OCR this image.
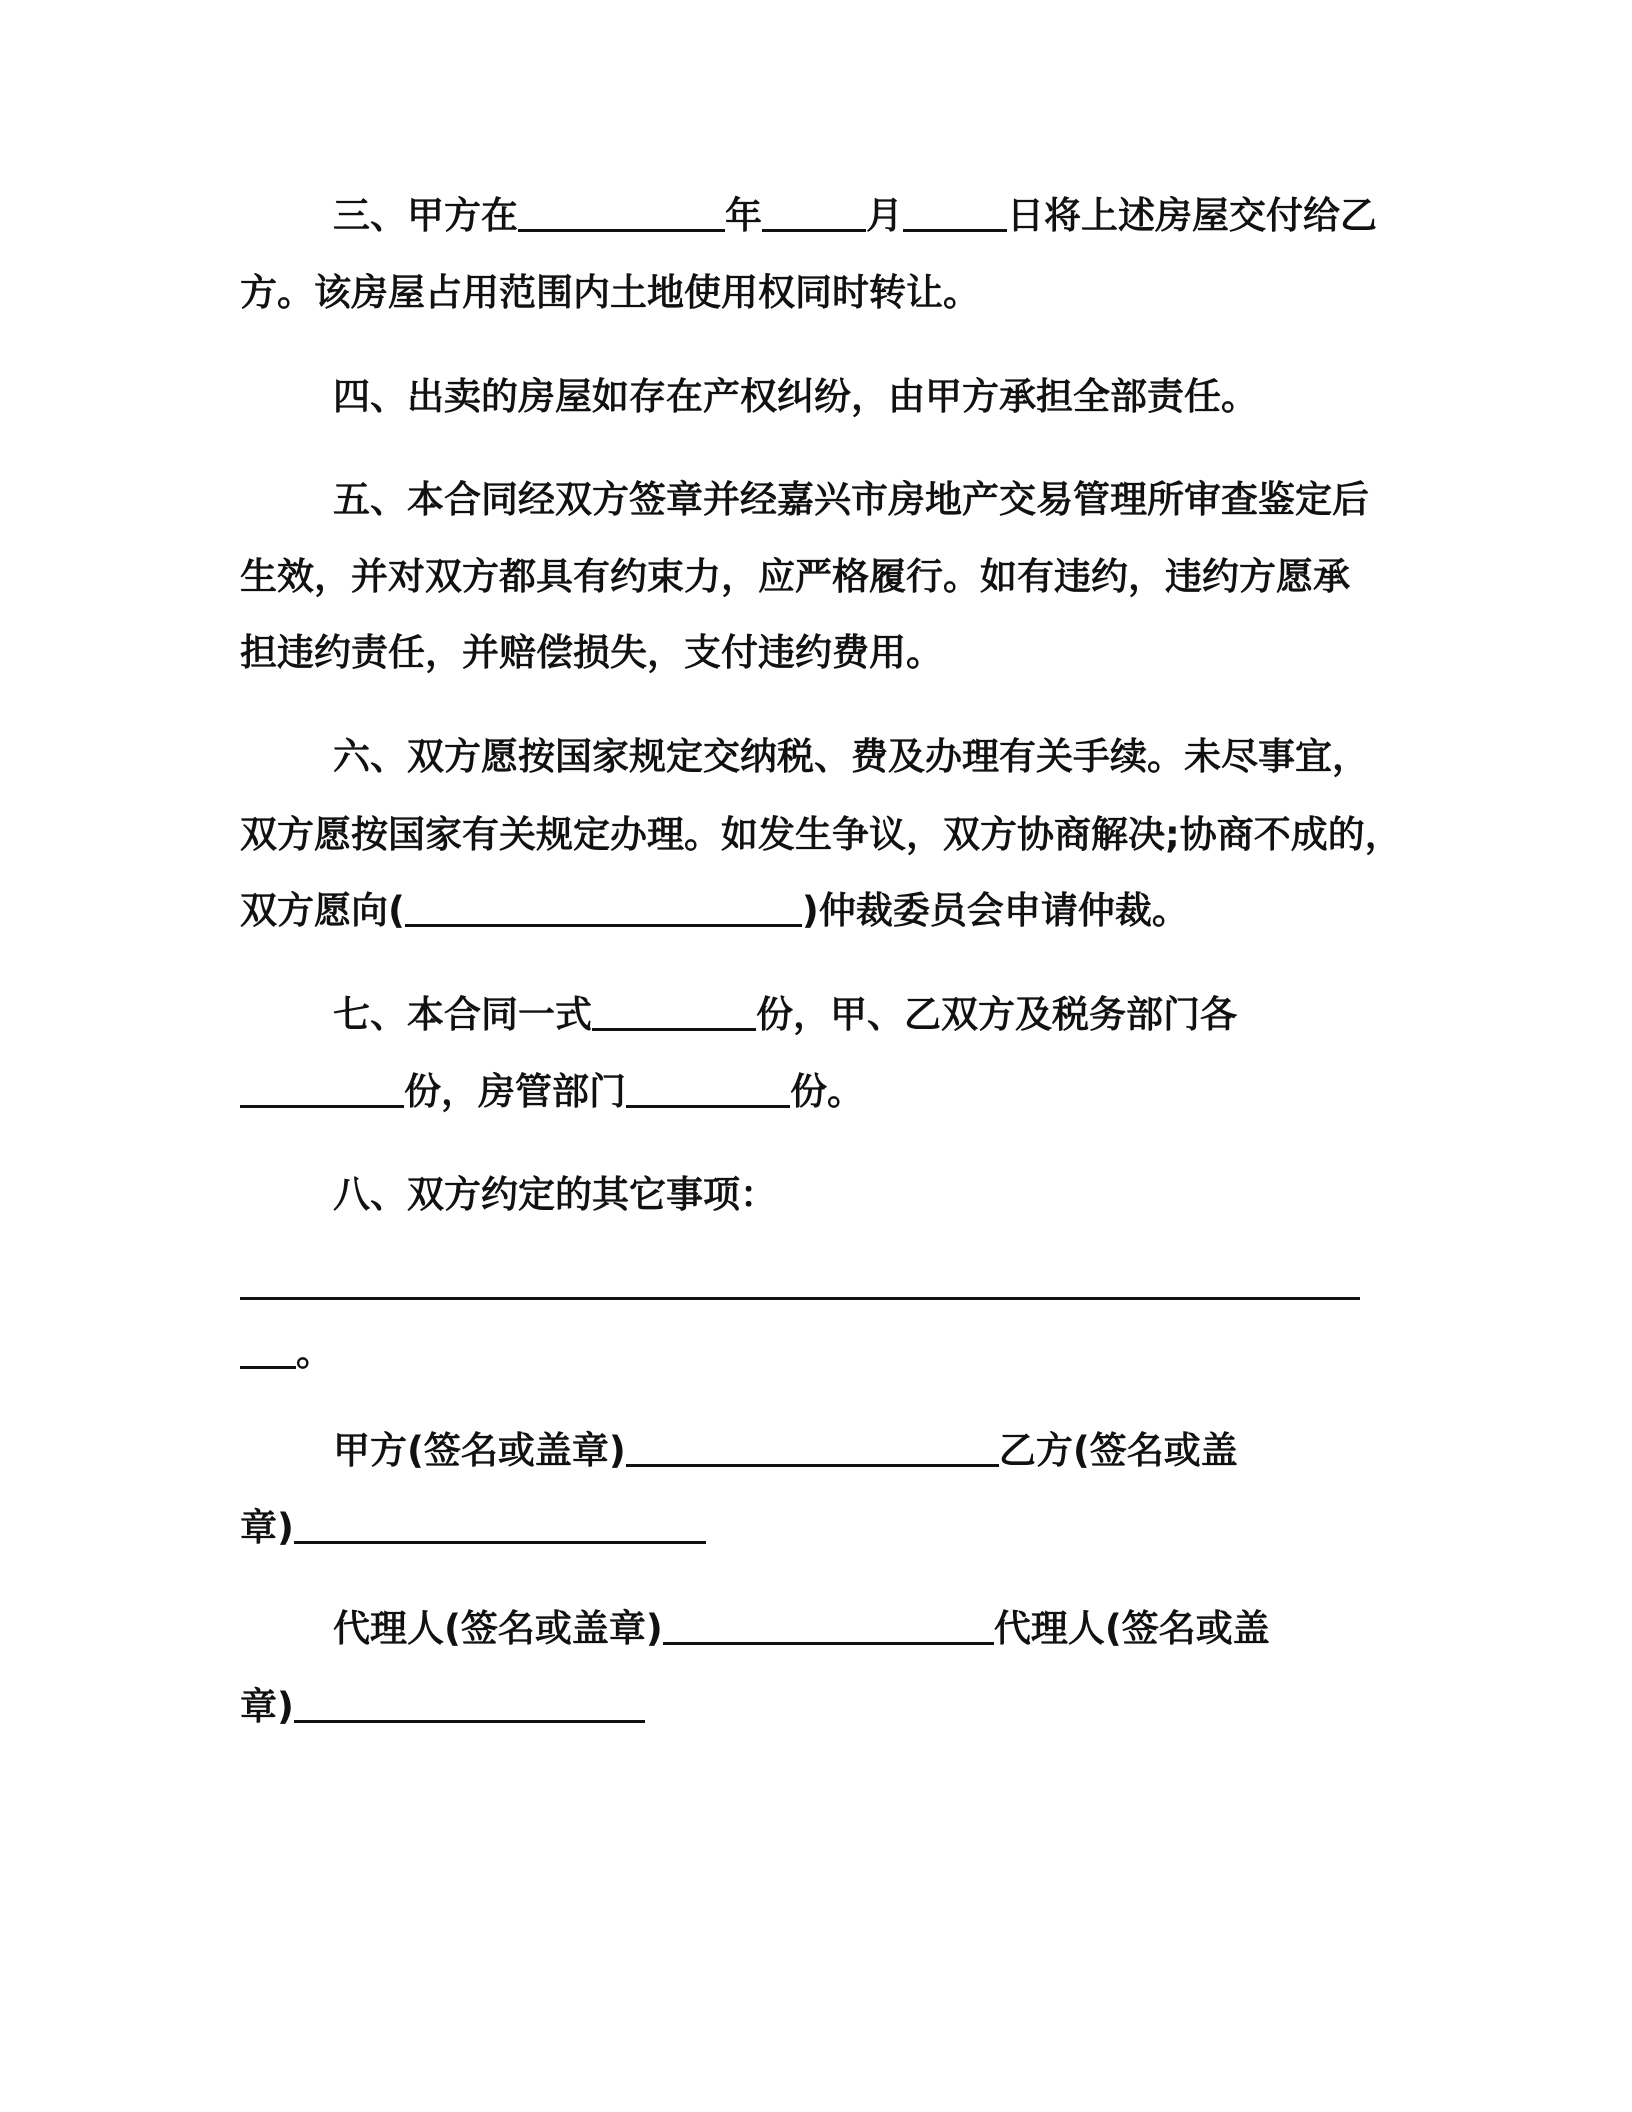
三、甲方在	年	月	日将上述房屋交付给乙
方。该房屋占用范围内土地使用权同时转让。
四、出卖的房屋如存在产权纠纷，由甲方承担全部责任。
五、本合同经双方签章并经嘉兴市房地产交易管理所审查鉴定后
生效，并对双方都具有约束力，应严格履行。如有违约，违约方愿承
担违约责任，并赔偿损失，支付违约费用。
六、双方愿按国家规定交纳税、费及办理有关手续。未尽事宜，
双方愿按国家有关规定办理。如发生争议，双方协商解决;协商不成的，
双方愿向(	)仲裁委员会申请仲裁。
七、本合同一式	份，甲、乙双方及税务部门各
份，房管部门	份。
八、双方约定的其它事项：
。
甲方(签名或盖章)	乙方(签名或盖
章)
代理人(签名或盖章)	代理人(签名或盖
章)
